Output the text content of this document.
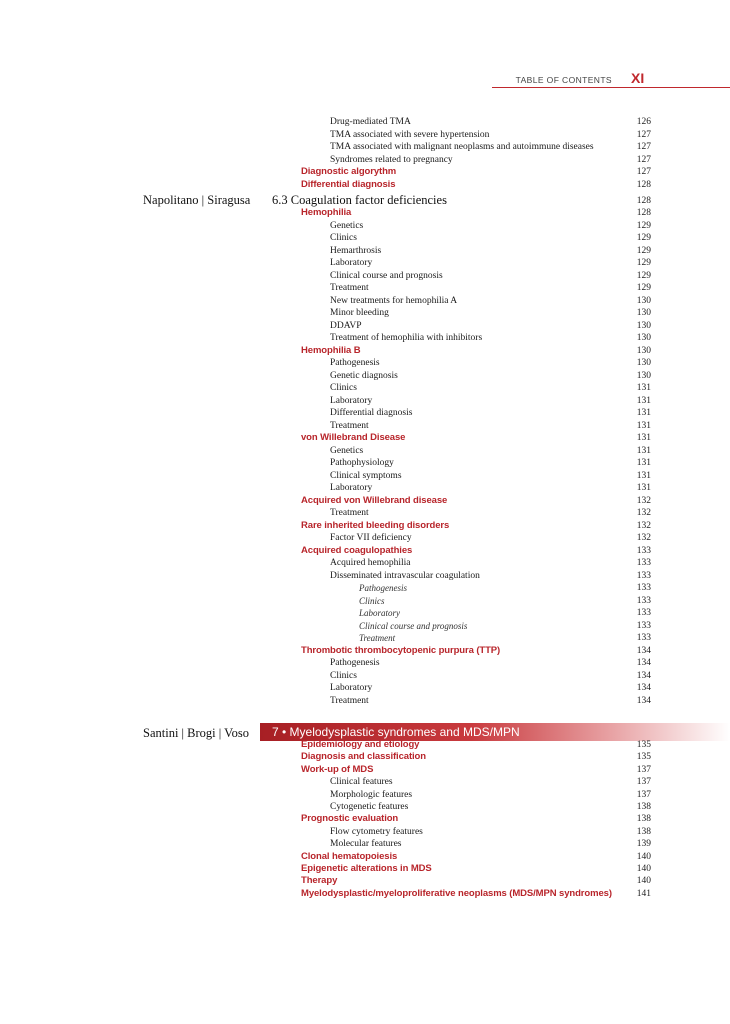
TABLE OF CONTENTS XI
Napolitano | Siragusa 6.3 Coagulation factor deficiencies	128
7 • Myelodysplastic syndromes and MDS/MPN
Santini | Brogi | Voso
Drug-mediated TMA	126
TMA associated with severe hypertension	127
TMA associated with malignant neoplasms and autoimmune diseases	127
Syndromes related to pregnancy	127
Diagnostic algorythm	127
Differential diagnosis	128
Hemophilia	128
Genetics	129
Clinics	129
Hemarthrosis	129
Laboratory	129
Clinical course and prognosis	129
Treatment	129
New treatments for hemophilia A	130
Minor bleeding	130
DDAVP	130
Treatment of hemophilia with inhibitors	130
Hemophilia B	130
Pathogenesis	130
Genetic diagnosis	130
Clinics	131
Laboratory	131
Differential diagnosis	131
Treatment	131
von Willebrand Disease	131
Genetics	131
Pathophysiology	131
Clinical symptoms	131
Laboratory	131
Acquired von Willebrand disease	132
Treatment	132
Rare inherited bleeding disorders	132
Factor VII deficiency	132
Acquired coagulopathies	133
Acquired hemophilia	133
Disseminated intravascular coagulation	133
Pathogenesis	133
Clinics	133
Laboratory	133
Clinical course and prognosis	133
Treatment	133
Thrombotic thrombocytopenic purpura (TTP)	134
Pathogenesis	134
Clinics	134
Laboratory	134
Treatment	134
Epidemiology and etiology	135
Diagnosis and classification	135
Work-up of MDS	137
Clinical features	137
Morphologic features	137
Cytogenetic features	138
Prognostic evaluation	138
Flow cytometry features	138
Molecular features	139
Clonal hematopoiesis	140
Epigenetic alterations in MDS	140
Therapy	140
Myelodysplastic/myeloproliferative neoplasms (MDS/MPN syndromes)	141
